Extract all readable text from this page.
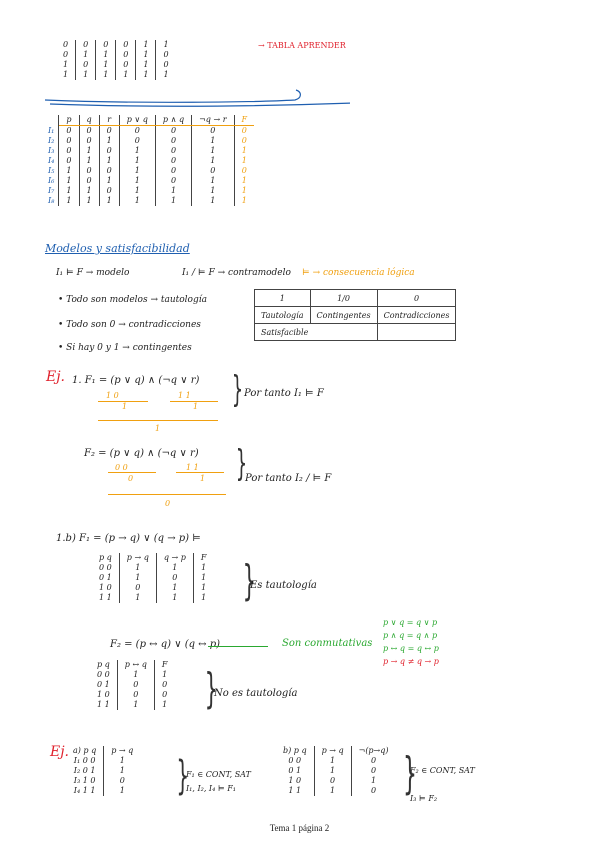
0	0	0	0	1	1
0	1	1	0	1	0
1	0	1	0	1	0
1	1	1	1	1	1
→ TABLA APRENDER
	p	q	r	p ∨ q	p ∧ q	¬q → r	F
I₁	0	0	0	0	0	0	0
I₂	0	0	1	0	0	1	0
I₃	0	1	0	1	0	1	1
I₄	0	1	1	1	0	1	1
I₅	1	0	0	1	0	0	0
I₆	1	0	1	1	0	1	1
I₇	1	1	0	1	1	1	1
I₈	1	1	1	1	1	1	1
Modelos y satisfacibilidad
I₁ ⊨ F → modelo	I₁ / ⊨ F → contramodelo ⊨ → consecuencia lógica
• Todo son modelos → tautología
• Todo son 0 → contradicciones
• Si hay 0 y 1 → contingentes
1	1/0	0
Tautología	Contingentes	Contradicciones
Satisfacible		
Ej. 1. F₁ = (p ∨ q) ∧ (¬q ∨ r)
1 0	1 1
1	1
1
} Por tanto I₁ ⊨ F
F₂ = (p ∨ q) ∧ (¬q ∨ r)
0 0	1 1
0	1
0
}
Por tanto I₂ / ⊨ F
1.b) F₁ = (p → q) ∨ (q → p) ⊨
p q	p → q	q → p	F
0 0	1	1	1
0 1	1	0	1
1 0	0	1	1
1 1	1	1	1 }
Es tautología
F₂ = (p ↔ q) ∨ (q ↔ p)	Son conmutativas
p ∨ q = q ∨ p
p ∧ q = q ∧ p
p ↔ q = q ↔ p
p → q ≠ q → p
p q	p ↔ q	F
0 0	1	1
0 1	0	0
1 0	0	0
1 1	1	1 }
No es tautología
Ej. a) p q	p → q
I₁ 0 0	1
I₂ 0 1	1
I₃ 1 0	0
I₄ 1 1	1 }
F₁ ∈ CONT, SAT
I₁, I₂, I₄ ⊨ F₁
b) p q	p → q	¬(p→q)
0 0	1	0
0 1	1	0
1 0	0	1
1 1	1	0 }
F₂ ∈ CONT, SAT
I₃ ⊨ F₂
Tema 1 página 2
